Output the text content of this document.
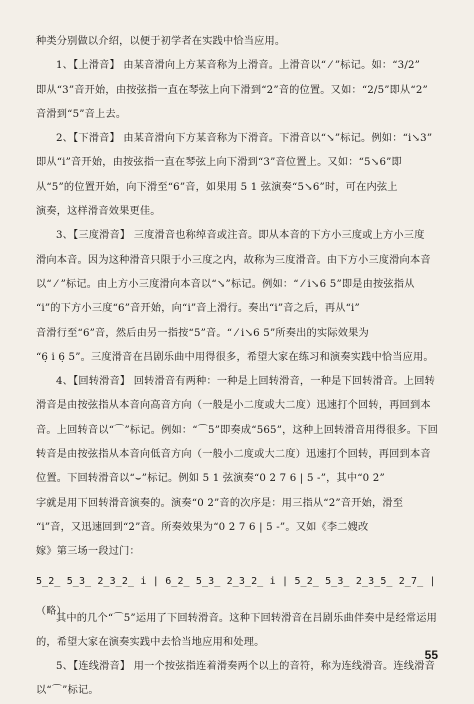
种类分别做以介绍，以便于初学者在实践中恰当应用。
1、【上滑音】 由某音滑向上方某音称为上滑音。上滑音以“ ⁄ ”标记。如：“3/2”
即从“3”音开始，由按弦指一直在琴弦上向下滑到“2̇”音的位置。又如：“2/5”即从“2”
音滑到“5”音上去。
2、【下滑音】 由某音滑向下方某音称为下滑音。下滑音以“↘”标记。例如：“i↘3”
即从“i”音开始，由按弦指一直在琴弦上向下滑到“3”音位置上。又如：“5↘6”即
从“5”的位置开始，向下滑至“6”音，如果用 5 1 弦演奏“5↘6”时，可在内弦上
演奏，这样滑音效果更佳。
3、【三度滑音】 三度滑音也称绰音或注音。即从本音的下方小三度或上方小三度
滑向本音。因为这种滑音只限于小三度之内，故称为三度滑音。由下方小三度滑向本音
以“ ⁄ ”标记。由上方小三度滑向本音以“↘”标记。例如：“ ⁄ i↘6 5”即是由按弦指从
“i”的下方小三度“6”音开始，向“i”音上滑行。奏出“i”音之后，再从“i”
音滑行至“6”音，然后由另一指按“5”音。“ ⁄ i↘6 5”所奏出的实际效果为
“6̣ i 6̣ 5”。三度滑音在吕剧乐曲中用得很多，希望大家在练习和演奏实践中恰当应用。
4、【回转滑音】 回转滑音有两种：一种是上回转滑音，一种是下回转滑音。上回转
滑音是由按弦指从本音向高音方向（一般是小二度或大二度）迅速打个回转，再回到本
音。上回转音以“⌒”标记。例如：“⌒5”即奏成“565”，这种上回转滑音用得很多。下回
转音是由按弦指从本音向低音方向（一般小二度或大二度）迅速打个回转，再回到本音
位置。下回转滑音以“⌣”标记。例如 5 1 弦演奏“0 2̇ 7 6 | 5 -”，其中“0 2̇”
字就是用下回转滑音演奏的。演奏“0 2̇”音的次序是：用三指从“2̇”音开始，滑至
“i”音，又迅速回到“2̇”音。所奏效果为“0 2̇ 7 6 | 5 -”。又如《李二嫂改
嫁》第三场一段过门：
5̲2̲ 5̲3̲ 2̲3̲2̲ i | 6̲2̲ 5̲3̲ 2̲3̲2̲ i | 5̲2̲ 5̲3̲ 2̲3̲5̲ 2̲7̲ | （略）
其中的几个“⌒5”运用了下回转滑音。这种下回转滑音在吕剧乐曲伴奏中是经常运用
的，希望大家在演奏实践中去恰当地应用和处理。
5、【连线滑音】 用一个按弦指连着滑奏两个以上的音符，称为连线滑音。连线滑音
以“⌒”标记。
55
